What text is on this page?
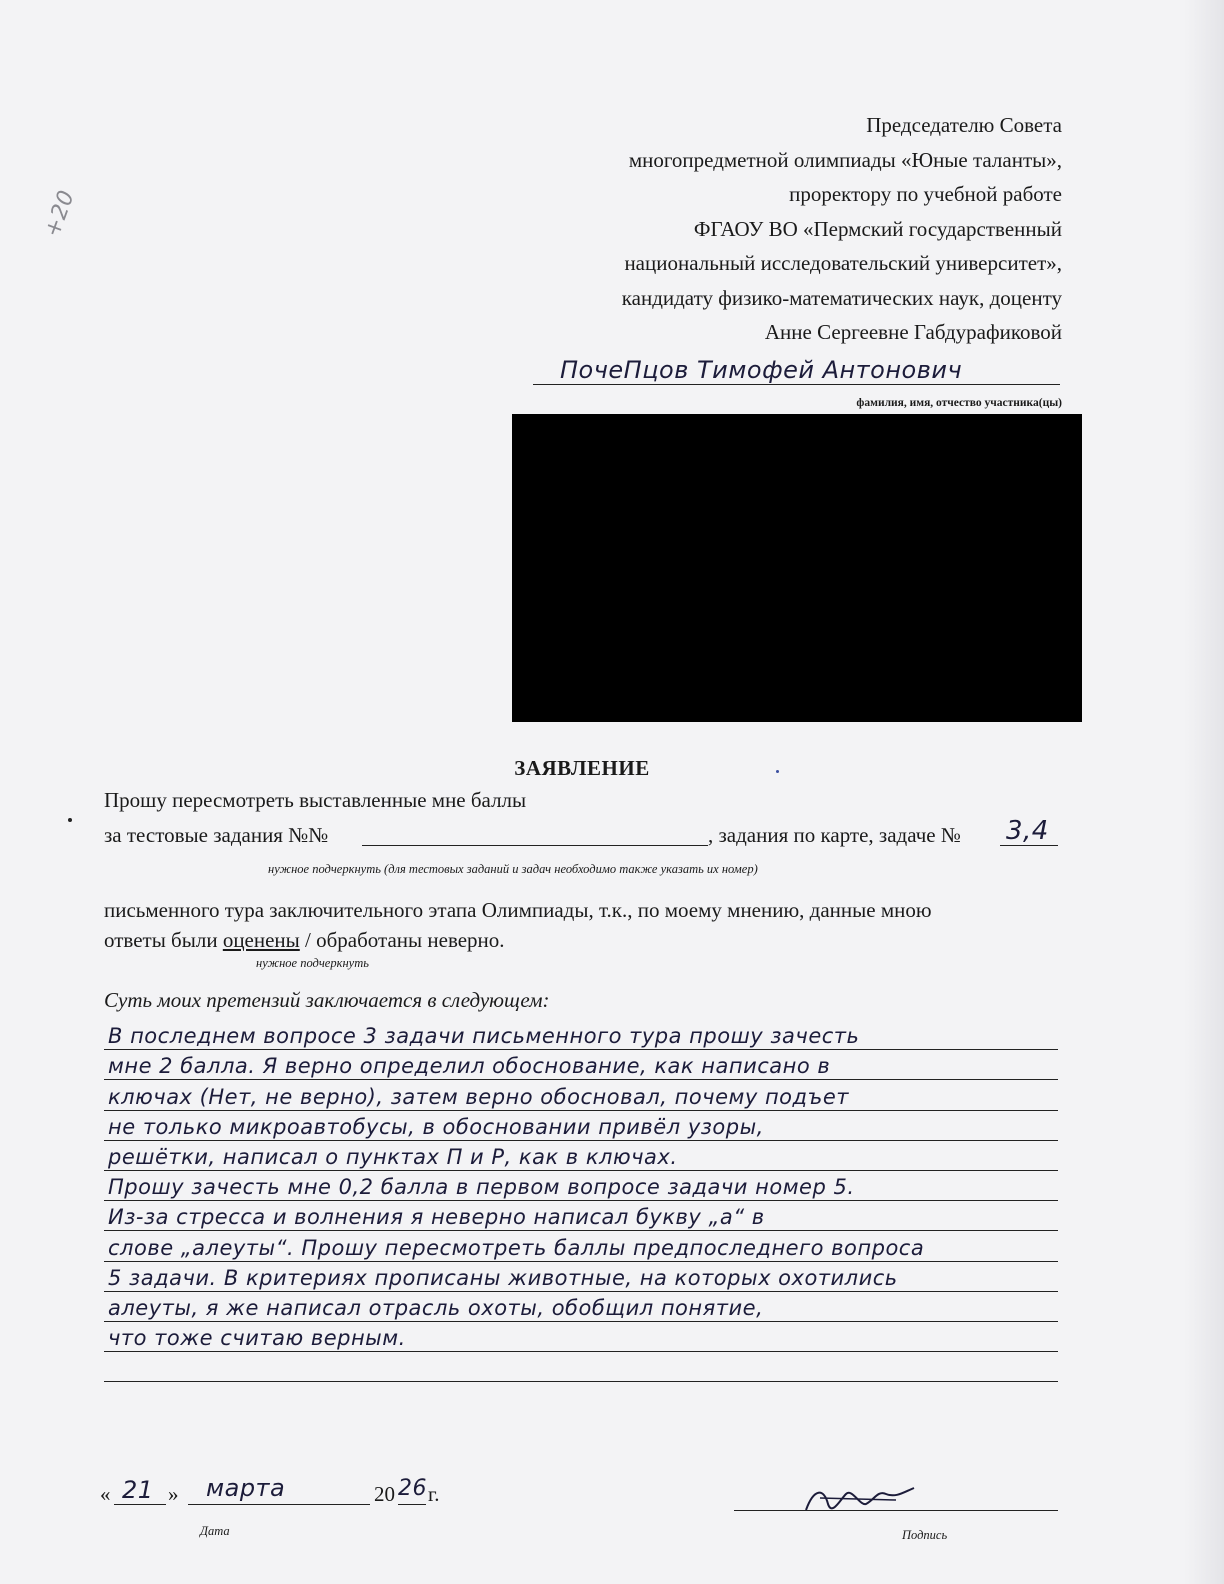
+20
Председателю Совета
многопредметной олимпиады «Юные таланты»,
проректору по учебной работе
ФГАОУ ВО «Пермский государственный
национальный исследовательский университет»,
кандидату физико-математических наук, доценту
Анне Сергеевне Габдурафиковой
ПочеПцов Тимофей Антонович
фамилия, имя, отчество участника(цы)
ЗАЯВЛЕНИЕ
Прошу пересмотреть выставленные мне баллы
за тестовые задания №№	, задания по карте, задаче № 3,4
нужное подчеркнуть (для тестовых заданий и задач необходимо также указать их номер)
письменного тура заключительного этапа Олимпиады, т.к., по моему мнению, данные мною
ответы были оценены / обработаны неверно.
нужное подчеркнуть
Суть моих претензий заключается в следующем:
В последнем вопросе 3 задачи письменного тура прошу зачесть
мне 2 балла. Я верно определил обоснование, как написано в
ключах (Нет, не верно), затем верно обосновал, почему подъет
не только микроавтобусы, в обосновании привёл узоры,
решётки, написал о пунктах П и Р, как в ключах.
Прошу зачесть мне 0,2 балла в первом вопросе задачи номер 5.
Из-за стресса и волнения я неверно написал букву „а“ в
слове „алеуты“. Прошу пересмотреть баллы предпоследнего вопроса
5 задачи. В критериях прописаны животные, на которых охотились
алеуты, я же написал отрасль охоты, обобщил понятие,
что тоже считаю верным.
« 21 » марта	20 26 г.
Дата	Подпись
